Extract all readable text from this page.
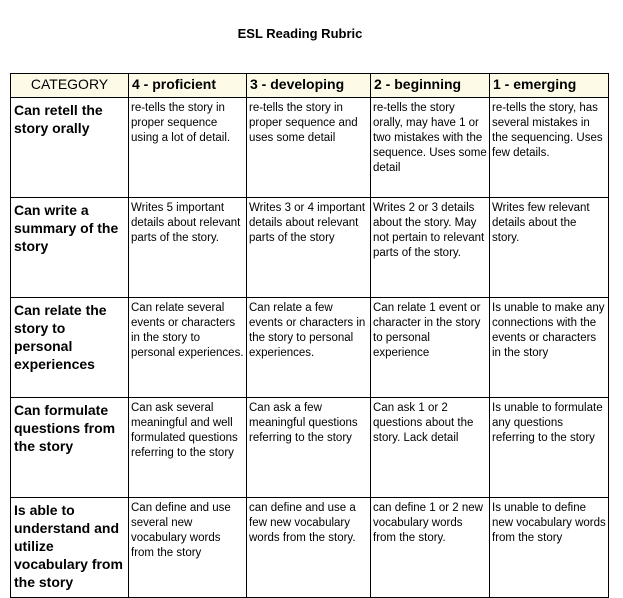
ESL Reading Rubric
CATEGORY	4 - proficient	3 - developing	2 - beginning	1 - emerging
Can retell the story orally	re-tells the story in proper sequence using a lot of detail.	re-tells the story in proper sequence and uses some detail	re-tells the story orally, may have 1 or two mistakes with the sequence. Uses some detail	re-tells the story, has several mistakes in the sequencing. Uses few details.
Can write a summary of the story	Writes 5 important details about relevant parts of the story.	Writes 3 or 4 important details about relevant parts of the story	Writes 2 or 3 details about the story. May not pertain to relevant parts of the story.	Writes few relevant details about the story.
Can relate the story to personal experiences	Can relate several events or characters in the story to personal experiences.	Can relate a few events or characters in the story to personal experiences.	Can relate 1 event or character in the story to personal experience	Is unable to make any connections with the events or characters in the story
Can formulate questions from the story	Can ask several meaningful and well formulated questions referring to the story	Can ask a few meaningful questions referring to the story	Can ask 1 or 2 questions about the story. Lack detail	Is unable to formulate any questions referring to the story
Is able to understand and utilize vocabulary from the story	Can define and use several new vocabulary words from the story	can define and use a few new vocabulary words from the story.	can define 1 or 2 new vocabulary words from the story.	Is unable to define new vocabulary words from the story
